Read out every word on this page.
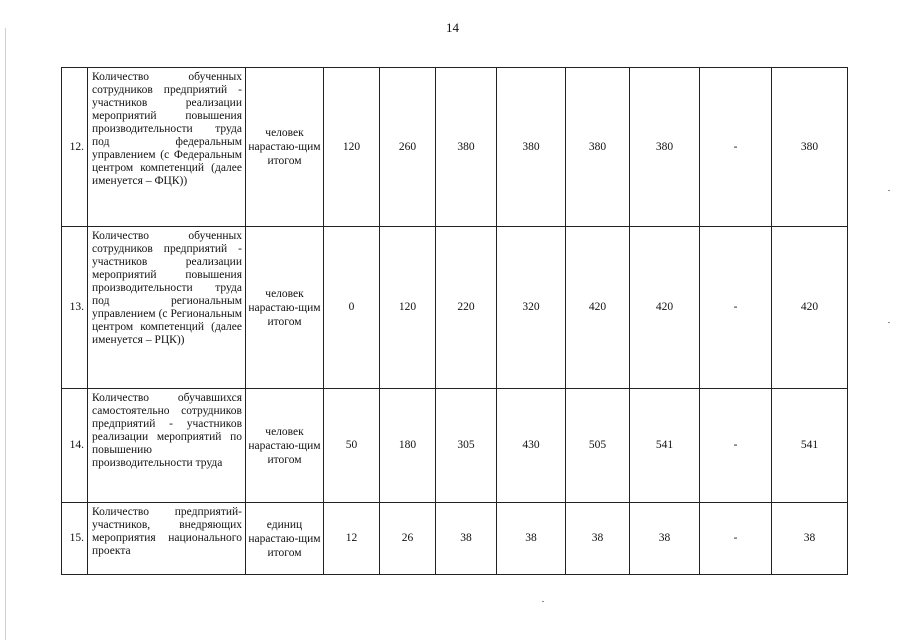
14
12.	Количество обученных сотрудников предприятий - участников реализации мероприятий повышения производительности труда под федеральным управлением (с Федеральным центром компетенций (далее именуется – ФЦК))	человек нарастаю-щим итогом	120	260	380	380	380	380	-	380
13.	Количество обученных сотрудников предприятий - участников реализации мероприятий повышения производительности труда под региональным управлением (с Региональным центром компетенций (далее именуется – РЦК))	человек нарастаю-щим итогом	0	120	220	320	420	420	-	420
14.	Количество обучавшихся самостоятельно сотрудников предприятий - участников реализации мероприятий по повышению производительности труда	человек нарастаю-щим итогом	50	180	305	430	505	541	-	541
15.	Количество предприятий-участников, внедряющих мероприятия национального проекта	единиц нарастаю-щим итогом	12	26	38	38	38	38	-	38
